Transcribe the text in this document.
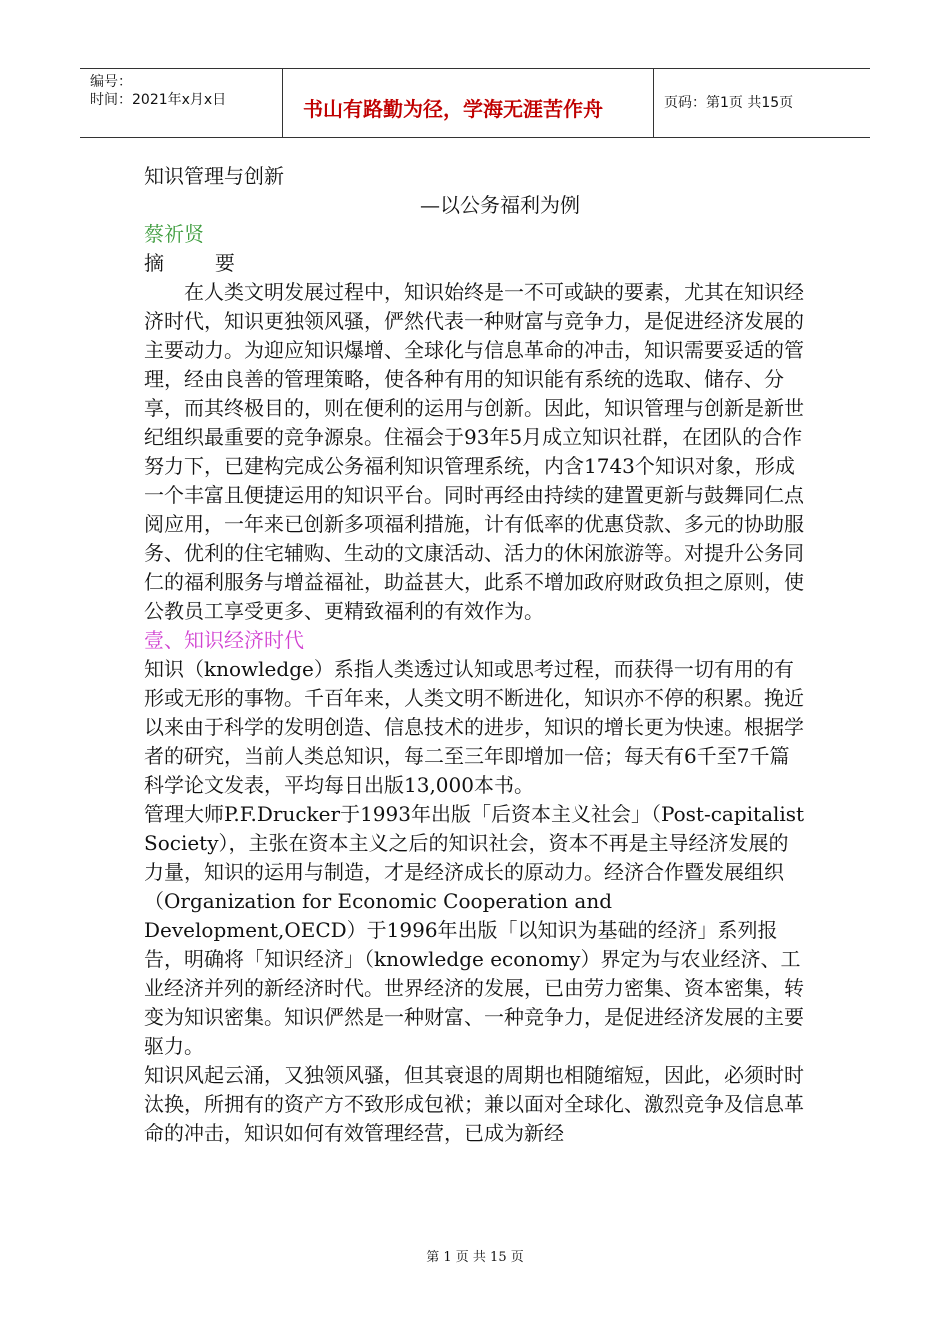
编号：
时间：2021年x月x日	书山有路勤为径，学海无涯苦作舟	页码：第1页 共15页

知识管理与创新

—以公务福利为例

蔡祈贤

摘        要

在人类文明发展过程中，知识始终是一不可或缺的要素，尤其在知识经济时代，知识更独领风骚，俨然代表一种财富与竞争力，是促进经济发展的主要动力。为迎应知识爆增、全球化与信息革命的冲击，知识需要妥适的管理，经由良善的管理策略，使各种有用的知识能有系统的选取、储存、分享，而其终极目的，则在便利的运用与创新。因此，知识管理与创新是新世纪组织最重要的竞争源泉。住福会于93年5月成立知识社群，在团队的合作努力下，已建构完成公务福利知识管理系统，内含1743个知识对象，形成一个丰富且便捷运用的知识平台。同时再经由持续的建置更新与鼓舞同仁点阅应用，一年来已创新多项福利措施，计有低率的优惠贷款、多元的协助服务、优利的住宅辅购、生动的文康活动、活力的休闲旅游等。对提升公务同仁的福利服务与增益福祉，助益甚大，此系不增加政府财政负担之原则，使公教员工享受更多、更精致福利的有效作为。

壹、知识经济时代

知识（knowledge）系指人类透过认知或思考过程，而获得一切有用的有形或无形的事物。千百年来，人类文明不断进化，知识亦不停的积累。挽近以来由于科学的发明创造、信息技术的进步，知识的增长更为快速。根据学者的研究，当前人类总知识，每二至三年即增加一倍；每天有6千至7千篇科学论文发表，平均每日出版13,000本书。

管理大师P.F.Drucker于1993年出版「后资本主义社会」（Post-capitalist Society），主张在资本主义之后的知识社会，资本不再是主导经济发展的力量，知识的运用与制造，才是经济成长的原动力。经济合作暨发展组织（Organization for Economic Cooperation and Development,OECD）于1996年出版「以知识为基础的经济」系列报告，明确将「知识经济」（knowledge economy）界定为与农业经济、工业经济并列的新经济时代。世界经济的发展，已由劳力密集、资本密集，转变为知识密集。知识俨然是一种财富、一种竞争力，是促进经济发展的主要驱力。

知识风起云涌，又独领风骚，但其衰退的周期也相随缩短，因此，必须时时汰换，所拥有的资产方不致形成包袱；兼以面对全球化、激烈竞争及信息革命的冲击，知识如何有效管理经营，已成为新经

第 1 页 共 15 页
